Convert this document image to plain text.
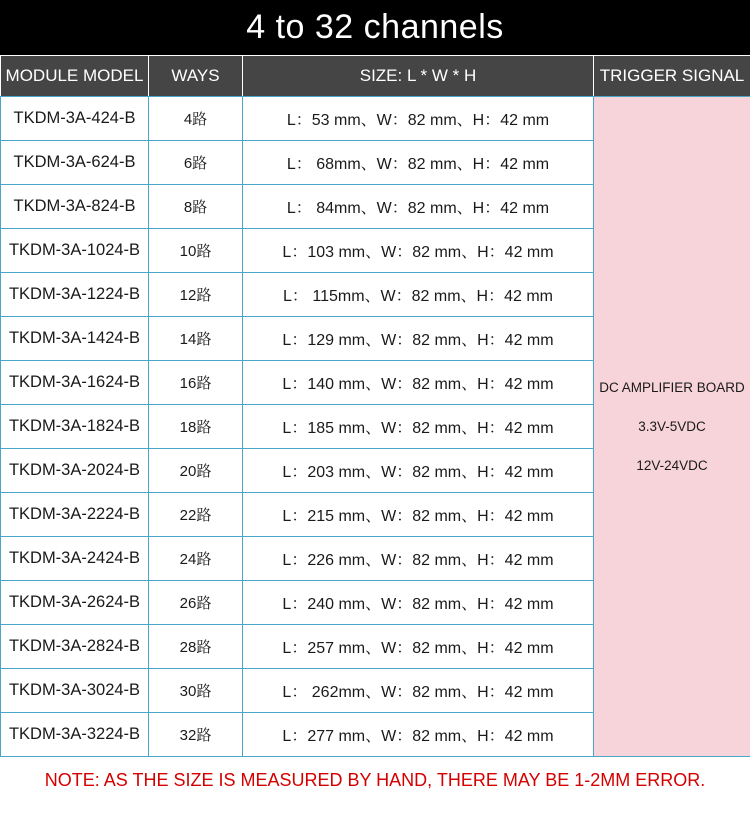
4 to 32 channels
MODULE MODEL	WAYS	SIZE: L * W * H	TRIGGER SIGNAL
TKDM-3A-424-B	4路	L：53 mm、W：82 mm、H：42 mm	DC AMPLIFIER BOARD
3.3V-5VDC
12V-24VDC

TKDM-3A-624-B	6路	L： 68mm、W：82 mm、H：42 mm	
TKDM-3A-824-B	8路	L： 84mm、W：82 mm、H：42 mm	
TKDM-3A-1024-B	10路	L：103 mm、W：82 mm、H：42 mm	
TKDM-3A-1224-B	12路	L： 115mm、W：82 mm、H：42 mm	
TKDM-3A-1424-B	14路	L：129 mm、W：82 mm、H：42 mm	
TKDM-3A-1624-B	16路	L：140 mm、W：82 mm、H：42 mm	
TKDM-3A-1824-B	18路	L：185 mm、W：82 mm、H：42 mm	
TKDM-3A-2024-B	20路	L：203 mm、W：82 mm、H：42 mm	
TKDM-3A-2224-B	22路	L：215 mm、W：82 mm、H：42 mm	
TKDM-3A-2424-B	24路	L：226 mm、W：82 mm、H：42 mm	
TKDM-3A-2624-B	26路	L：240 mm、W：82 mm、H：42 mm	
TKDM-3A-2824-B	28路	L：257 mm、W：82 mm、H：42 mm	
TKDM-3A-3024-B	30路	L： 262mm、W：82 mm、H：42 mm	
TKDM-3A-3224-B	32路	L：277 mm、W：82 mm、H：42 mm	
NOTE: AS THE SIZE IS MEASURED BY HAND, THERE MAY BE 1-2MM ERROR.
